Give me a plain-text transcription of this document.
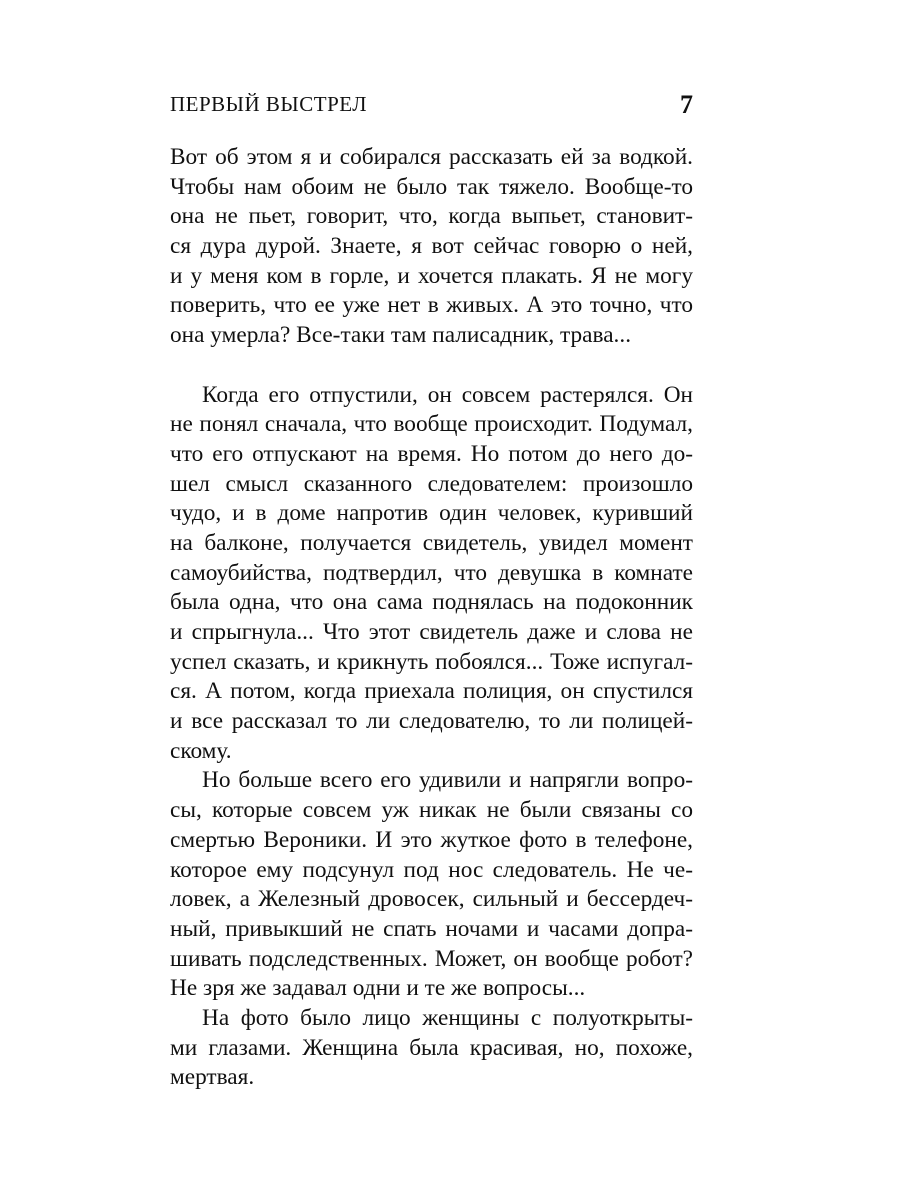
ПЕРВЫЙ ВЫСТРЕЛ	7
Вот об этом я и собирался рассказать ей за водкой.
Чтобы нам обоим не было так тяжело. Вообще-то
она не пьет, говорит, что, когда выпьет, становит-
ся дура дурой. Знаете, я вот сейчас говорю о ней,
и у меня ком в горле, и хочется плакать. Я не могу
поверить, что ее уже нет в живых. А это точно, что
она умерла? Все-таки там палисадник, трава...
Когда его отпустили, он совсем растерялся. Он
не понял сначала, что вообще происходит. Подумал,
что его отпускают на время. Но потом до него до-
шел смысл сказанного следователем: произошло
чудо, и в доме напротив один человек, куривший
на балконе, получается свидетель, увидел момент
самоубийства, подтвердил, что девушка в комнате
была одна, что она сама поднялась на подоконник
и спрыгнула... Что этот свидетель даже и слова не
успел сказать, и крикнуть побоялся... Тоже испугал-
ся. А потом, когда приехала полиция, он спустился
и все рассказал то ли следователю, то ли полицей-
скому.
Но больше всего его удивили и напрягли вопро-
сы, которые совсем уж никак не были связаны со
смертью Вероники. И это жуткое фото в телефоне,
которое ему подсунул под нос следователь. Не че-
ловек, а Железный дровосек, сильный и бессердеч-
ный, привыкший не спать ночами и часами допра-
шивать подследственных. Может, он вообще робот?
Не зря же задавал одни и те же вопросы...
На фото было лицо женщины с полуоткрыты-
ми глазами. Женщина была красивая, но, похоже,
мертвая.
